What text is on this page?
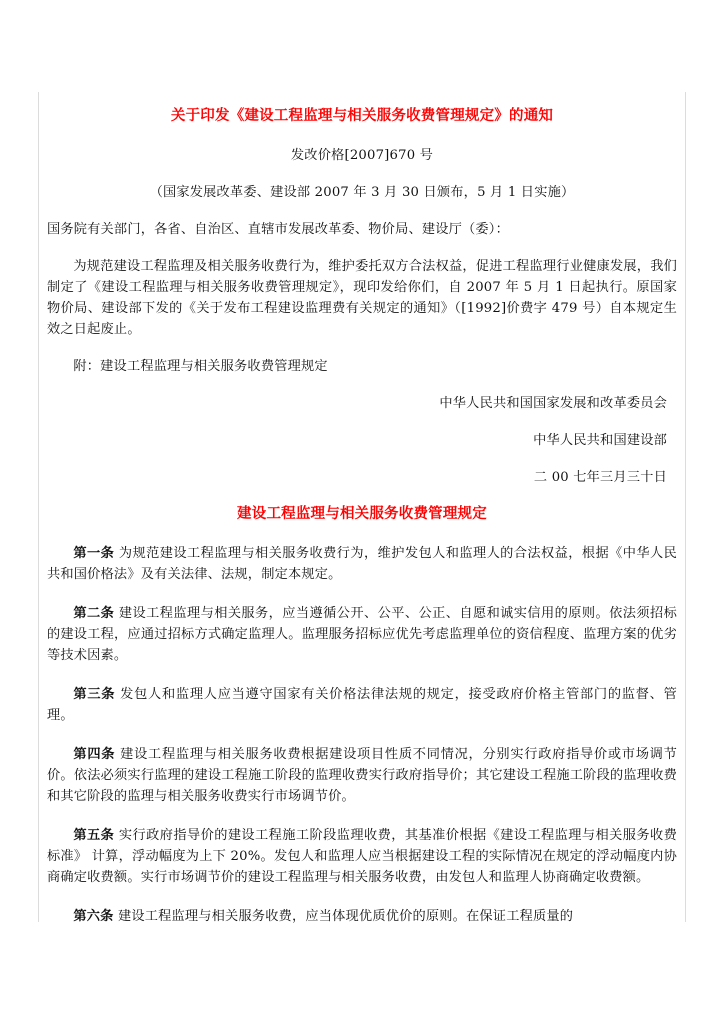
关于印发《建设工程监理与相关服务收费管理规定》的通知
发改价格[2007]670 号
（国家发展改革委、建设部 2007 年 3 月 30 日颁布，5 月 1 日实施）
国务院有关部门，各省、自治区、直辖市发展改革委、物价局、建设厅（委）：
为规范建设工程监理及相关服务收费行为，维护委托双方合法权益，促进工程监理行业健康发展，我们制定了《建设工程监理与相关服务收费管理规定》，现印发给你们，自 2007 年 5 月 1 日起执行。原国家物价局、建设部下发的《关于发布工程建设监理费有关规定的通知》（[1992]价费字 479 号）自本规定生效之日起废止。
附：建设工程监理与相关服务收费管理规定
中华人民共和国国家发展和改革委员会
中华人民共和国建设部
二 00 七年三月三十日
建设工程监理与相关服务收费管理规定
第一条 为规范建设工程监理与相关服务收费行为，维护发包人和监理人的合法权益，根据《中华人民共和国价格法》及有关法律、法规，制定本规定。
第二条 建设工程监理与相关服务，应当遵循公开、公平、公正、自愿和诚实信用的原则。依法须招标的建设工程，应通过招标方式确定监理人。监理服务招标应优先考虑监理单位的资信程度、监理方案的优劣等技术因素。
第三条 发包人和监理人应当遵守国家有关价格法律法规的规定，接受政府价格主管部门的监督、管理。
第四条 建设工程监理与相关服务收费根据建设项目性质不同情况，分别实行政府指导价或市场调节价。依法必须实行监理的建设工程施工阶段的监理收费实行政府指导价；其它建设工程施工阶段的监理收费和其它阶段的监理与相关服务收费实行市场调节价。
第五条 实行政府指导价的建设工程施工阶段监理收费，其基准价根据《建设工程监理与相关服务收费标准》 计算，浮动幅度为上下 20%。发包人和监理人应当根据建设工程的实际情况在规定的浮动幅度内协商确定收费额。实行市场调节价的建设工程监理与相关服务收费，由发包人和监理人协商确定收费额。
第六条 建设工程监理与相关服务收费，应当体现优质优价的原则。在保证工程质量的
